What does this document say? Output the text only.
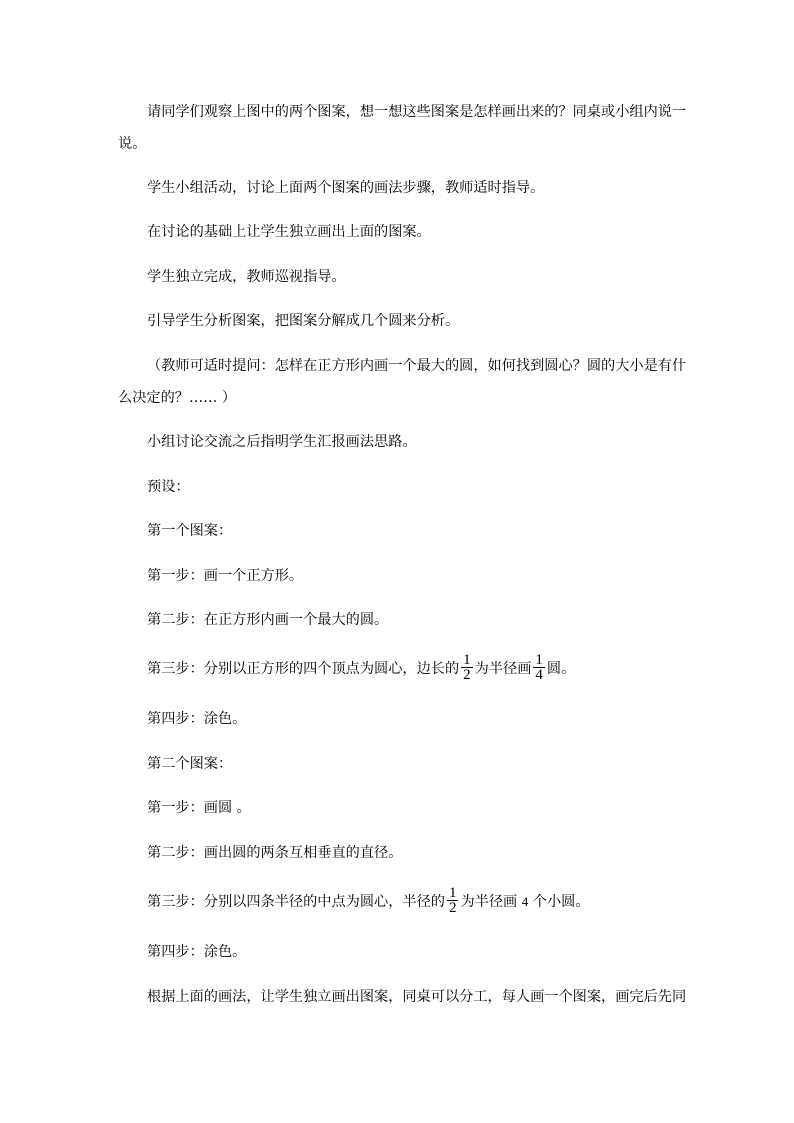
请同学们观察上图中的两个图案，想一想这些图案是怎样画出来的？同桌或小组内说一
说。
学生小组活动，讨论上面两个图案的画法步骤，教师适时指导。
在讨论的基础上让学生独立画出上面的图案。
学生独立完成，教师巡视指导。
引导学生分析图案，把图案分解成几个圆来分析。
（教师可适时提问：怎样在正方形内画一个最大的圆，如何找到圆心？圆的大小是有什
么决定的？…… ）
小组讨论交流之后指明学生汇报画法思路。
预设：
第一个图案：
第一步：画一个正方形。
第二步：在正方形内画一个最大的圆。
第三步：分别以正方形的四个顶点为圆心，边长的 $\frac{1}{2}$ 为半径画 $\frac{1}{4}$ 圆。
第四步：涂色。
第二个图案：
第一步：画圆 。
第二步：画出圆的两条互相垂直的直径。
第三步：分别以四条半径的中点为圆心，半径的 $\frac{1}{2}$ 为半径画 4 个小圆。
第四步：涂色。
根据上面的画法，让学生独立画出图案，同桌可以分工，每人画一个图案，画完后先同
